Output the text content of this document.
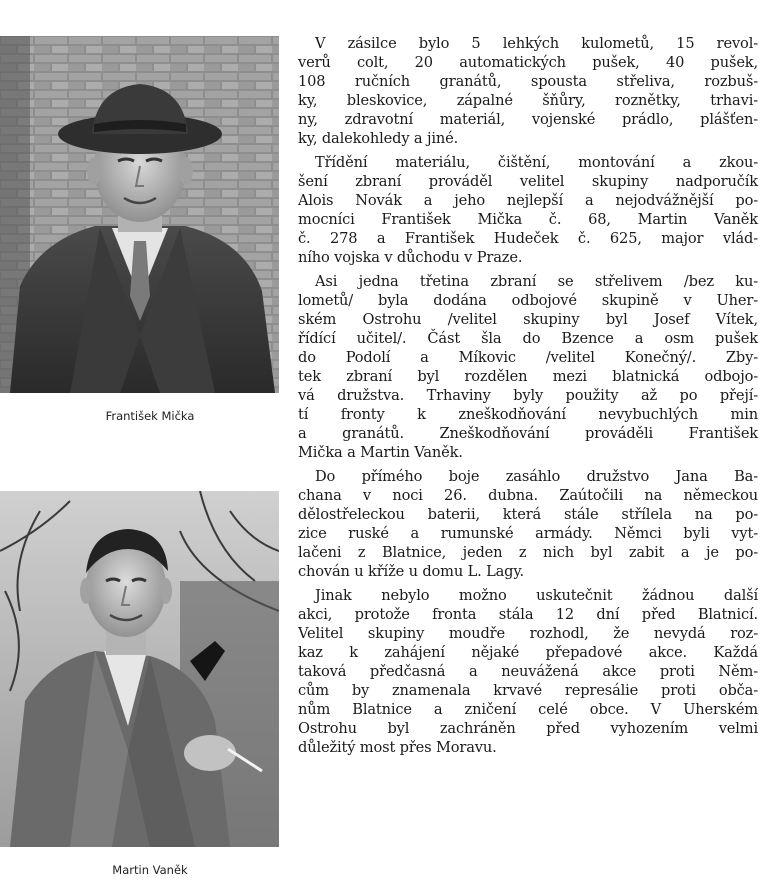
František Mička
Martin Vaněk
V zásilce bylo 5 lehkých kulometů, 15 revol-
verů colt, 20 automatických pušek, 40 pušek,
108 ručních granátů, spousta střeliva, rozbuš-
ky, bleskovice, zápalné šňůry, roznětky, trhavi-
ny, zdravotní materiál, vojenské prádlo, plášťen-
ky, dalekohledy a jiné.
Třídění materiálu, čištění, montování a zkou-
šení zbraní prováděl velitel skupiny nadporučík
Alois Novák a jeho nejlepší a nejodvážnější po-
mocníci František Mička č. 68, Martin Vaněk
č. 278 a František Hudeček č. 625, major vlád-
ního vojska v důchodu v Praze.
Asi jedna třetina zbraní se střelivem /bez ku-
lometů/ byla dodána odbojové skupině v Uher-
ském Ostrohu /velitel skupiny byl Josef Vítek,
řídící učitel/. Část šla do Bzence a osm pušek
do Podolí a Míkovic /velitel Konečný/. Zby-
tek zbraní byl rozdělen mezi blatnická odbojo-
vá družstva. Trhaviny byly použity až po přejí-
tí fronty k zneškodňování nevybuchlých min
a granátů. Zneškodňování prováděli František
Mička a Martin Vaněk.
Do přímého boje zasáhlo družstvo Jana Ba-
chana v noci 26. dubna. Zaútočili na německou
dělostřeleckou baterii, která stále střílela na po-
zice ruské a rumunské armády. Němci byli vyt-
lačeni z Blatnice, jeden z nich byl zabit a je po-
chován u kříže u domu L. Lagy.
Jinak nebylo možno uskutečnit žádnou další
akci, protože fronta stála 12 dní před Blatnicí.
Velitel skupiny moudře rozhodl, že nevydá roz-
kaz k zahájení nějaké přepadové akce. Každá
taková předčasná a neuvážená akce proti Něm-
cům by znamenala krvavé represálie proti obča-
nům Blatnice a zničení celé obce. V Uherském
Ostrohu byl zachráněn před vyhozením velmi
důležitý most přes Moravu.
